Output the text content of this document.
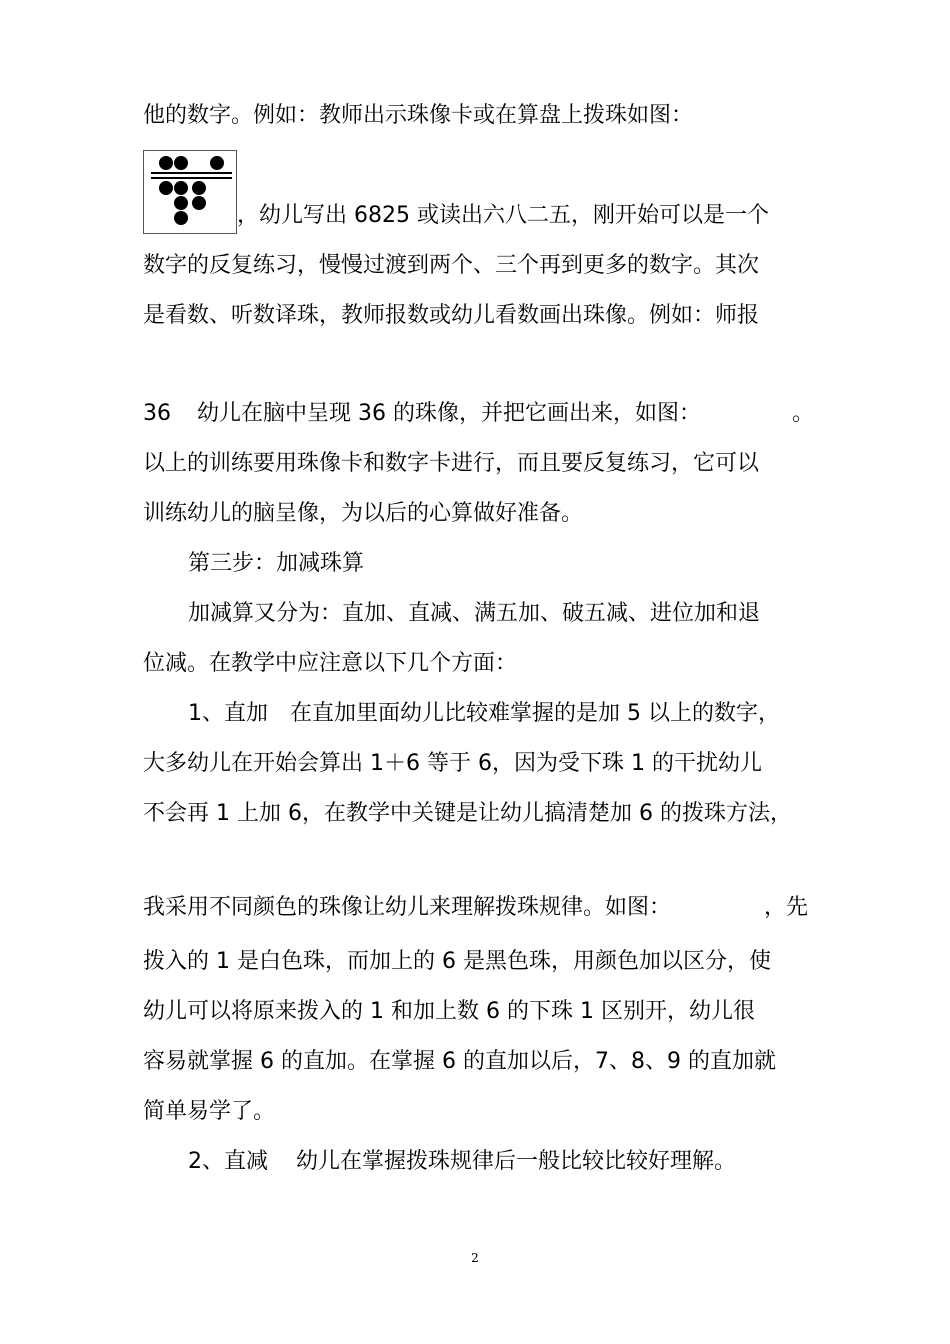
他的数字。例如：教师出示珠像卡或在算盘上拨珠如图：
，幼儿写出 6825 或读出六八二五，刚开始可以是一个
数字的反复练习，慢慢过渡到两个、三个再到更多的数字。其次
是看数、听数译珠，教师报数或幼儿看数画出珠像。例如：师报
36 幼儿在脑中呈现 36 的珠像，并把它画出来，如图：	。
以上的训练要用珠像卡和数字卡进行，而且要反复练习，它可以
训练幼儿的脑呈像，为以后的心算做好准备。
第三步：加减珠算
加减算又分为：直加、直减、满五加、破五减、进位加和退
位减。在教学中应注意以下几个方面：
1、直加 在直加里面幼儿比较难掌握的是加 5 以上的数字，
大多幼儿在开始会算出 1＋6 等于 6，因为受下珠 1 的干扰幼儿
不会再 1 上加 6，在教学中关键是让幼儿搞清楚加 6 的拨珠方法，
我采用不同颜色的珠像让幼儿来理解拨珠规律。如图：	，先
拨入的 1 是白色珠，而加上的 6 是黑色珠，用颜色加以区分，使
幼儿可以将原来拨入的 1 和加上数 6 的下珠 1 区别开，幼儿很
容易就掌握 6 的直加。在掌握 6 的直加以后，7、8、9 的直加就
简单易学了。
2、直减 幼儿在掌握拨珠规律后一般比较比较好理解。
2
